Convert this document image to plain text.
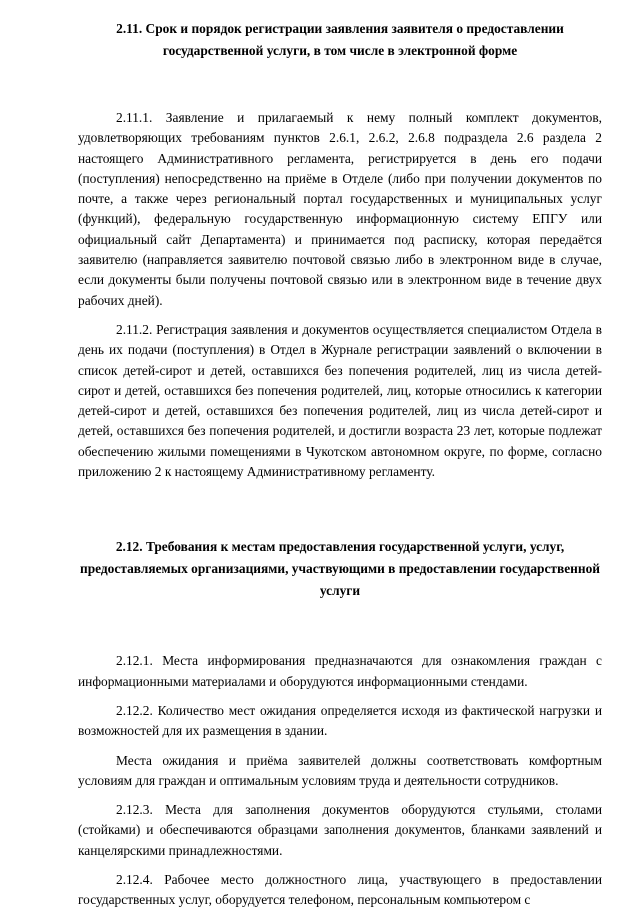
2.11. Срок и порядок регистрации заявления заявителя о предоставлении государственной услуги, в том числе в электронной форме

2.11.1. Заявление и прилагаемый к нему полный комплект документов, удовлетворяющих требованиям пунктов 2.6.1, 2.6.2, 2.6.8 подраздела 2.6 раздела 2 настоящего Административного регламента, регистрируется в день его подачи (поступления) непосредственно на приёме в Отделе (либо при получении документов по почте, а также через региональный портал государственных и муниципальных услуг (функций), федеральную государственную информационную систему ЕПГУ или официальный сайт Департамента) и принимается под расписку, которая передаётся заявителю (направляется заявителю почтовой связью либо в электронном виде в случае, если документы были получены почтовой связью или в электронном виде в течение двух рабочих дней).

2.11.2. Регистрация заявления и документов осуществляется специалистом Отдела в день их подачи (поступления) в Отдел в Журнале регистрации заявлений о включении в список детей-сирот и детей, оставшихся без попечения родителей, лиц из числа детей-сирот и детей, оставшихся без попечения родителей, лиц, которые относились к категории детей-сирот и детей, оставшихся без попечения родителей, лиц из числа детей-сирот и детей, оставшихся без попечения родителей, и достигли возраста 23 лет, которые подлежат обеспечению жилыми помещениями в Чукотском автономном округе, по форме, согласно приложению 2 к настоящему Административному регламенту.

2.12. Требования к местам предоставления государственной услуги, услуг, предоставляемых организациями, участвующими в предоставлении государственной услуги

2.12.1. Места информирования предназначаются для ознакомления граждан с информационными материалами и оборудуются информационными стендами.

2.12.2. Количество мест ожидания определяется исходя из фактической нагрузки и возможностей для их размещения в здании.

Места ожидания и приёма заявителей должны соответствовать комфортным условиям для граждан и оптимальным условиям труда и деятельности сотрудников.

2.12.3. Места для заполнения документов оборудуются стульями, столами (стойками) и обеспечиваются образцами заполнения документов, бланками заявлений и канцелярскими принадлежностями.

2.12.4. Рабочее место должностного лица, участвующего в предоставлении государственных услуг, оборудуется телефоном, персональным компьютером с
